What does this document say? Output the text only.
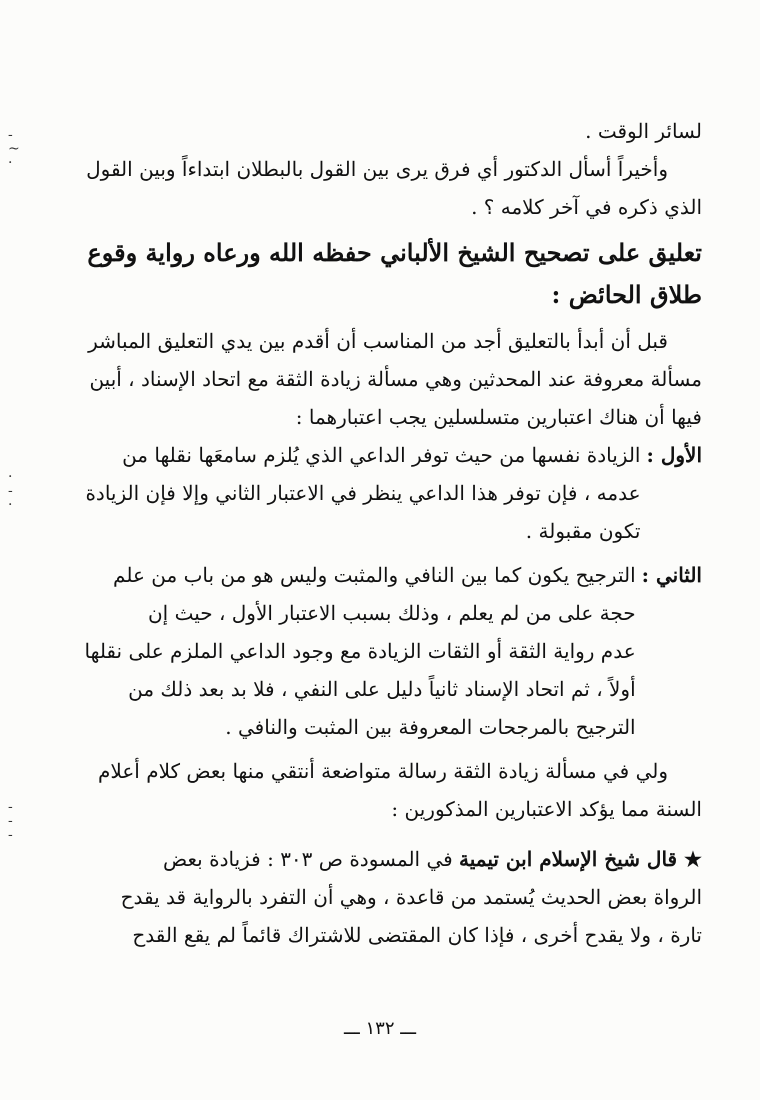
-
~
·
·
-
·
-
-
-

لسائر الوقت .

وأخيراً أسأل الدكتور أي فرق يرى بين القول بالبطلان ابتداءاً وبين القول

الذي ذكره في آخر كلامه ؟ .

تعليق على تصحيح الشيخ الألباني حفظه الله ورعاه رواية وقوع

طلاق الحائض :

قبل أن أبدأ بالتعليق أجد من المناسب أن أقدم بين يدي التعليق المباشر

مسألة معروفة عند المحدثين وهي مسألة زيادة الثقة مع اتحاد الإسناد ، أبين

فيها أن هناك اعتبارين متسلسلين يجب اعتبارهما :

الأول :

الزيادة نفسها من حيث توفر الداعي الذي يُلزم سامعَها نقلها من

عدمه ، فإن توفر هذا الداعي ينظر في الاعتبار الثاني وإلا فإن الزيادة

تكون مقبولة .

الثاني :

الترجيح يكون كما بين النافي والمثبت وليس هو من باب من علم

حجة على من لم يعلم ، وذلك بسبب الاعتبار الأول ، حيث إن

عدم رواية الثقة أو الثقات الزيادة مع وجود الداعي الملزم على نقلها

أولاً ، ثم اتحاد الإسناد ثانياً دليل على النفي ، فلا بد بعد ذلك من

الترجيح بالمرجحات المعروفة بين المثبت والنافي .

ولي في مسألة زيادة الثقة رسالة متواضعة أنتقي منها بعض كلام أعلام

السنة مما يؤكد الاعتبارين المذكورين :

★ قال شيخ الإسلام ابن تيمية في المسودة ص ٣٠٣ : فزيادة بعض

الرواة بعض الحديث يُستمد من قاعدة ، وهي أن التفرد بالرواية قد يقدح

تارة ، ولا يقدح أخرى ، فإذا كان المقتضى للاشتراك قائماً لم يقع القدح

ـــ ١٣٢ ـــ
